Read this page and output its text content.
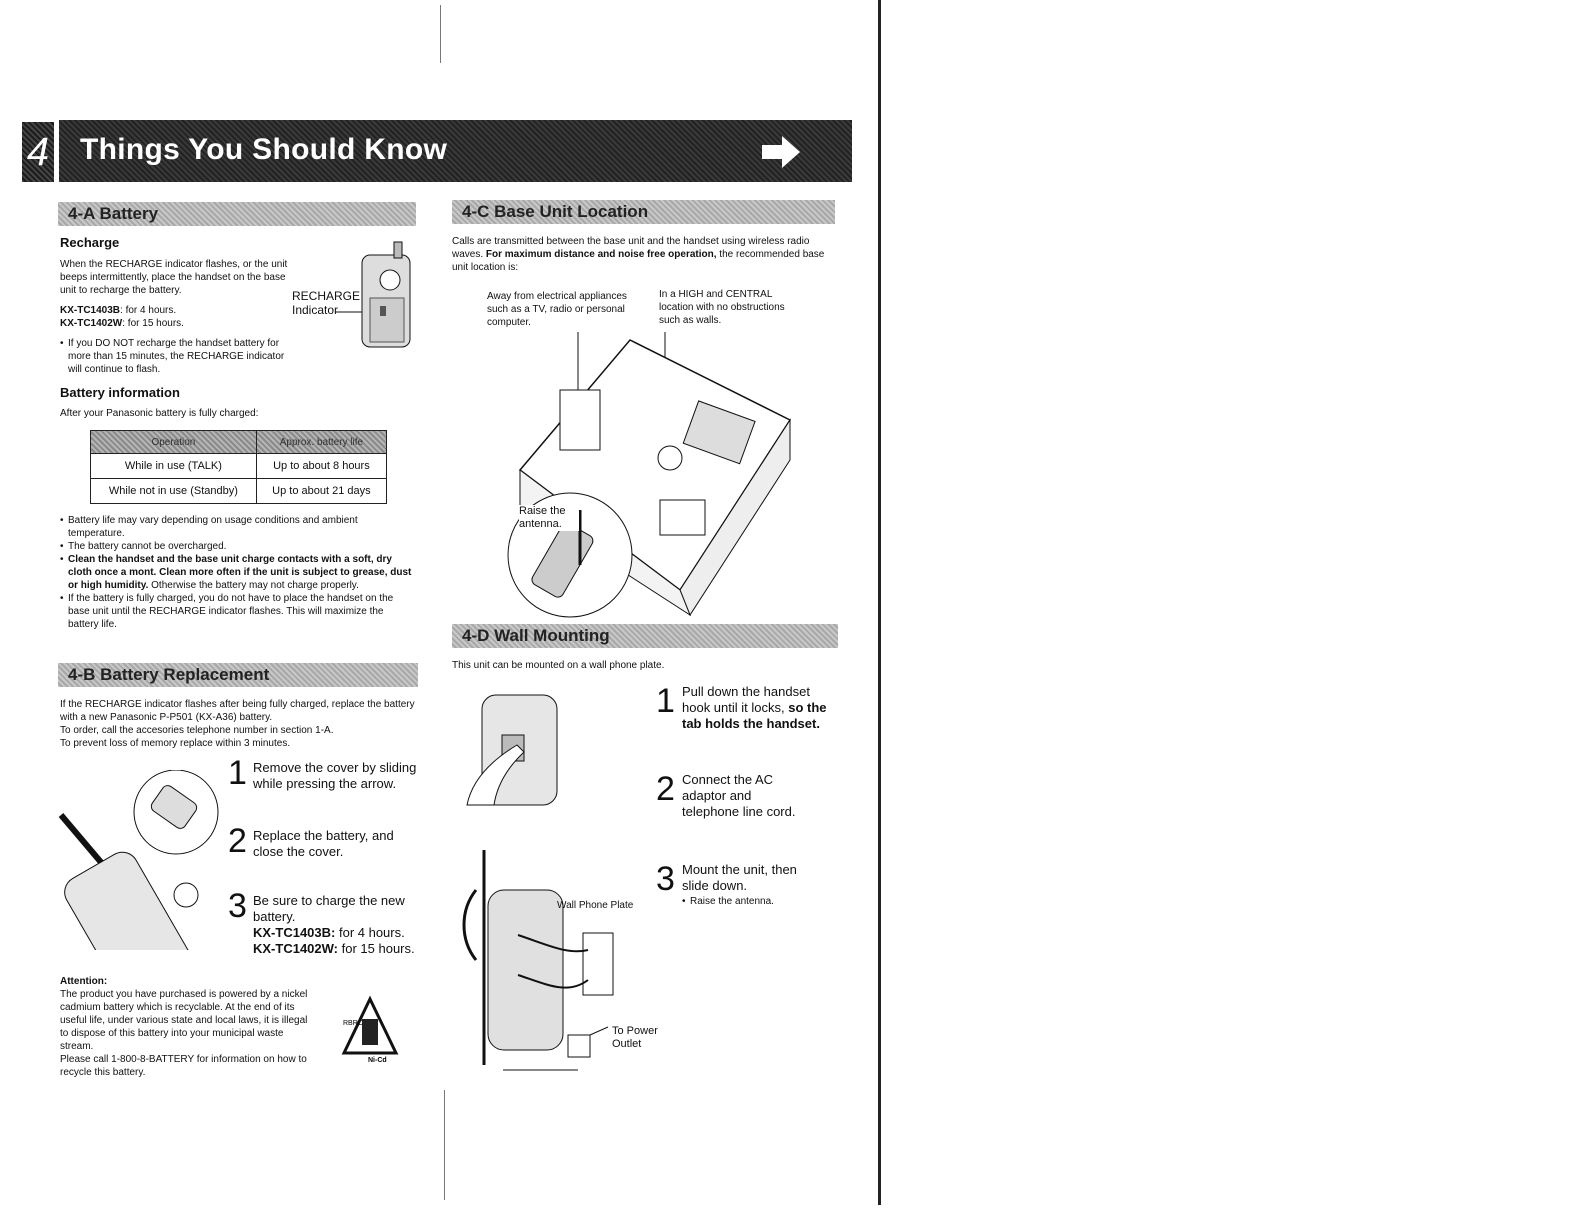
4 Things You Should Know
4-A Battery
Recharge
When the RECHARGE indicator flashes, or the unit beeps intermittently, place the handset on the base unit to recharge the battery.
KX-TC1403B: for 4 hours.
KX-TC1402W: for 15 hours.
• If you DO NOT recharge the handset battery for more than 15 minutes, the RECHARGE indicator will continue to flash.
RECHARGE
Indicator
Battery information
After your Panasonic battery is fully charged:
Operation	Approx. battery life
While in use (TALK)	Up to about 8 hours
While not in use (Standby)	Up to about 21 days
• Battery life may vary depending on usage conditions and ambient temperature.
• The battery cannot be overcharged.
• Clean the handset and the base unit charge contacts with a soft, dry cloth once a mont. Clean more often if the unit is subject to grease, dust or high humidity. Otherwise the battery may not charge properly.
• If the battery is fully charged, you do not have to place the handset on the base unit until the RECHARGE indicator flashes. This will maximize the battery life.
4-B Battery Replacement
If the RECHARGE indicator flashes after being fully charged, replace the battery with a new Panasonic P-P501 (KX-A36) battery.
To order, call the accesories telephone number in section 1-A.
To prevent loss of memory replace within 3 minutes.
1 Remove the cover by sliding while pressing the arrow.
2 Replace the battery, and close the cover.
3 Be sure to charge the new battery.
KX-TC1403B: for 4 hours.
KX-TC1402W: for 15 hours.
Attention:
The product you have purchased is powered by a nickel cadmium battery which is recyclable. At the end of its useful life, under various state and local laws, it is illegal to dispose of this battery into your municipal waste stream.
Please call 1-800-8-BATTERY for information on how to recycle this battery.
RBRC
Ni-Cd
4-C Base Unit Location
Calls are transmitted between the base unit and the handset using wireless radio waves. For maximum distance and noise free operation, the recommended base unit location is:
Away from electrical appliances such as a TV, radio or personal computer.
In a HIGH and CENTRAL location with no obstructions such as walls.
Raise the antenna.
4-D Wall Mounting
This unit can be mounted on a wall phone plate.
Wall Phone Plate
To Power Outlet
1 Pull down the handset hook until it locks, so the tab holds the handset.
2 Connect the AC adaptor and telephone line cord.
3 Mount the unit, then slide down.
• Raise the antenna.
